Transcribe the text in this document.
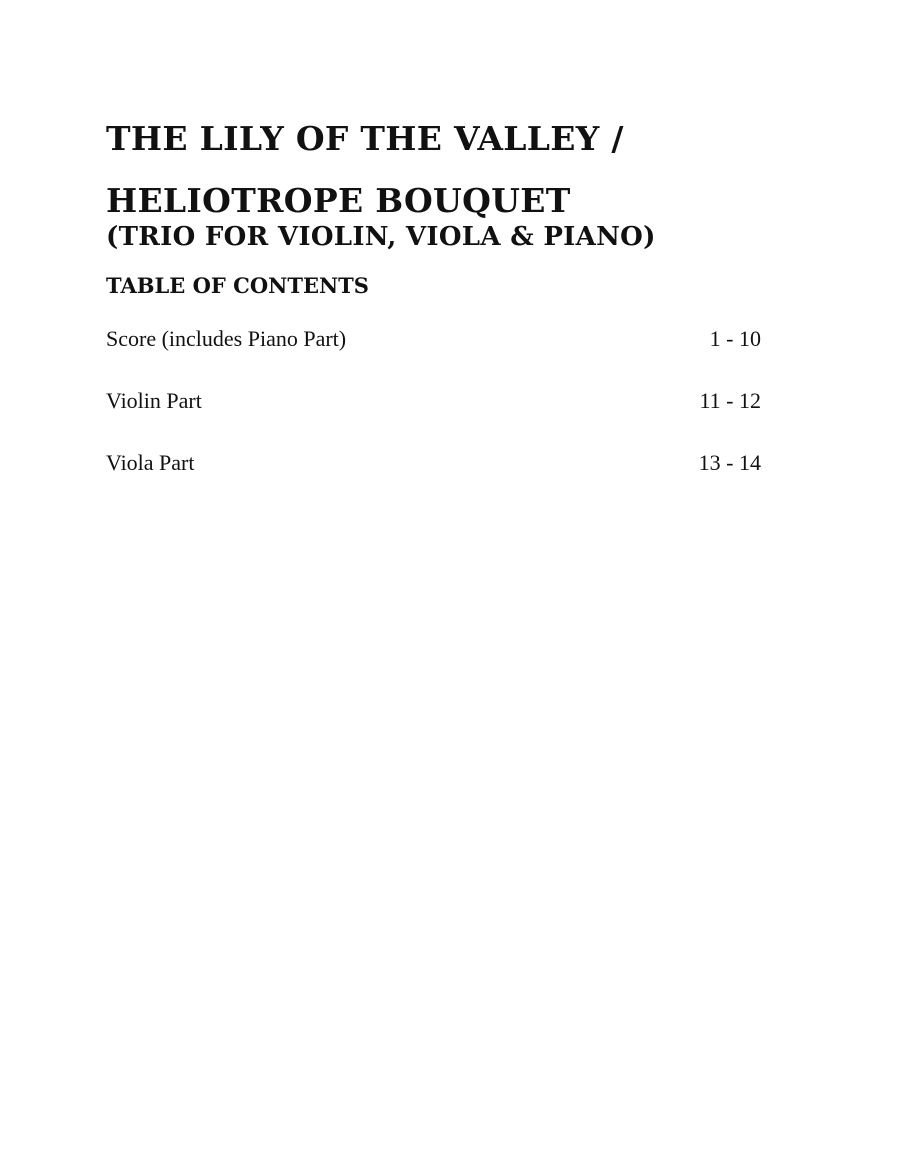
THE LILY OF THE VALLEY /
HELIOTROPE BOUQUET
(TRIO FOR VIOLIN, VIOLA & PIANO)
TABLE OF CONTENTS
Score (includes Piano Part)	1 - 10
Violin Part	11 - 12
Viola Part	13 - 14
